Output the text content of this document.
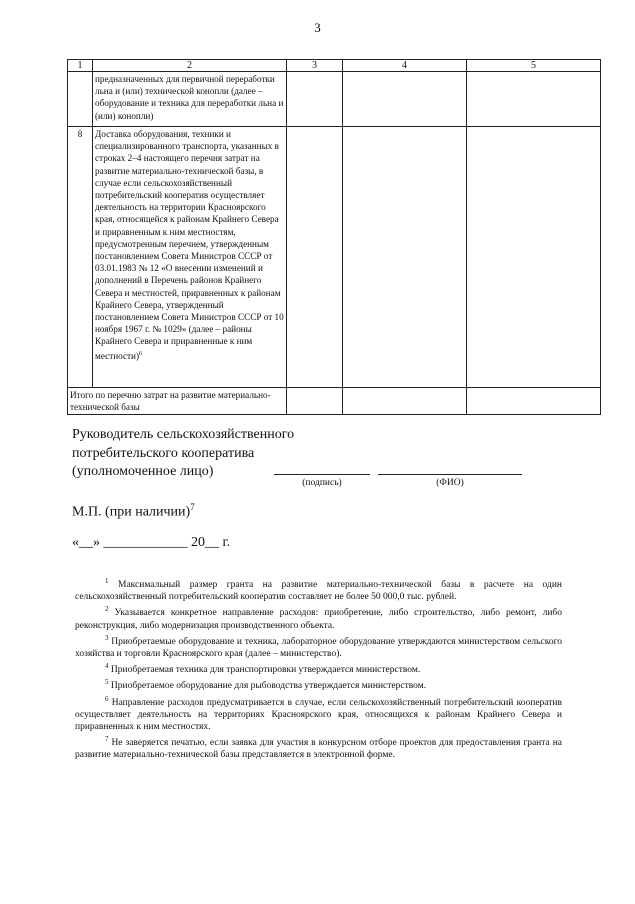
3
1	2	3	4	5
	предназначенных для первичной переработки льна и (или) технической конопли (далее – оборудование и техника для переработки льна и (или) конопли)			
8	Доставка оборудования, техники и специализированного транспорта, указанных в строках 2–4 настоящего перечня затрат на развитие материально-технической базы, в случае если сельскохозяйственный потребительский кооператив осуществляет деятельность на территории Красноярского края, относящейся к районам Крайнего Севера и приравненным к ним местностям, предусмотренным перечнем, утвержденным постановлением Совета Министров СССР от 03.01.1983 № 12 «О внесении изменений и дополнений в Перечень районов Крайнего Севера и местностей, приравненных к районам Крайнего Севера, утвержденный постановлением Совета Министров СССР от 10 ноября 1967 г. № 1029» (далее – районы Крайнего Севера и приравненные к ним местности)$^6$			
Итого по перечню затрат на развитие материально-технической базы				
Руководитель сельскохозяйственного
потребительского кооператива
(уполномоченное лицо)
(подпись)	(ФИО)
М.П. (при наличии)$^7$
«__» ____________ 20__ г.

$^1$ Максимальный размер гранта на развитие материально-технической базы в расчете на один сельскохозяйственный потребительский кооператив составляет не более 50 000,0 тыс. рублей.

$^2$ Указывается конкретное направление расходов: приобретение, либо строительство, либо ремонт, либо реконструкция, либо модернизация производственного объекта.

$^3$ Приобретаемые оборудование и техника, лабораторное оборудование утверждаются министерством сельского хозяйства и торговли Красноярского края (далее – министерство).

$^4$ Приобретаемая техника для транспортировки утверждается министерством.

$^5$ Приобретаемое оборудование для рыбоводства утверждается министерством.

$^6$ Направление расходов предусматривается в случае, если сельскохозяйственный потребительский кооператив осуществляет деятельность на территориях Красноярского края, относящихся к районам Крайнего Севера и приравненных к ним местностях.

$^7$ Не заверяется печатью, если заявка для участия в конкурсном отборе проектов для предоставления гранта на развитие материально-технической базы представляется в электронной форме.
